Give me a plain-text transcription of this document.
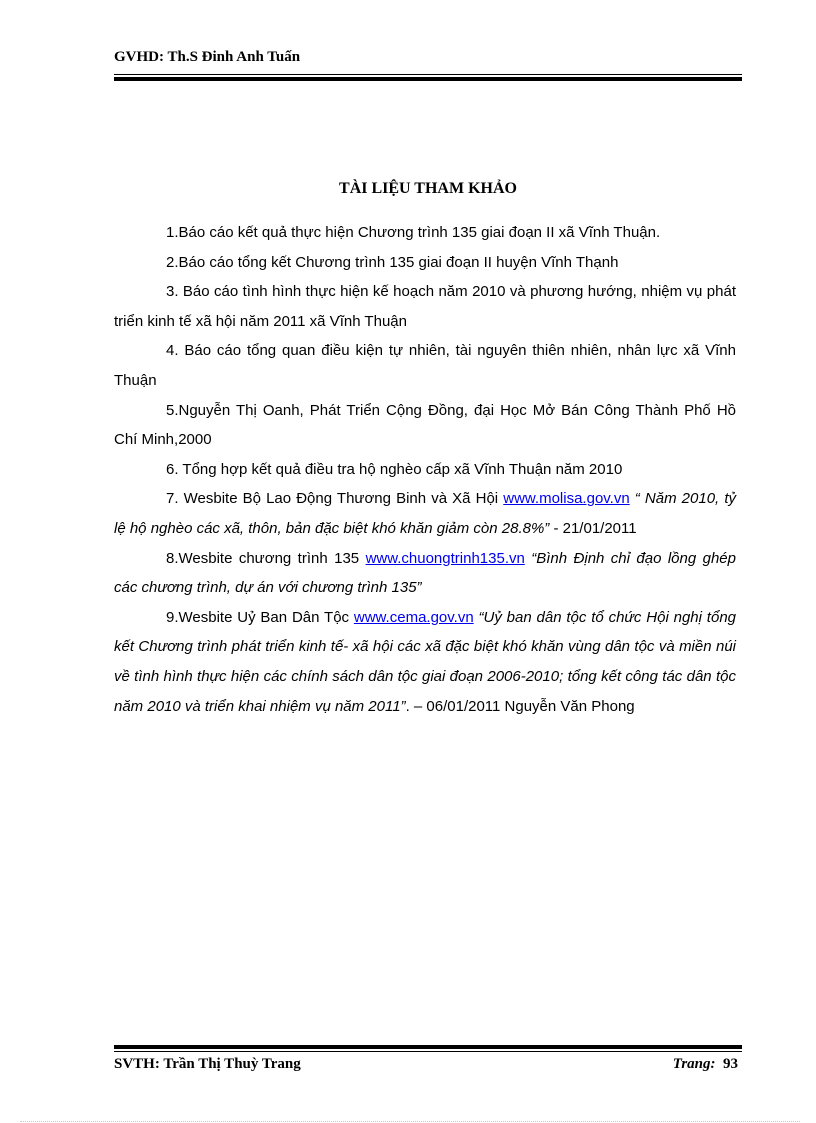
GVHD: Th.S Đinh Anh Tuấn
TÀI LIỆU THAM KHẢO

1.Báo cáo kết quả thực hiện Chương trình 135 giai đoạn II xã Vĩnh Thuận.

2.Báo cáo tổng kết Chương trình 135 giai đoạn II huyện Vĩnh Thạnh

3. Báo cáo tình hình thực hiện kế hoạch năm 2010 và phương hướng, nhiệm vụ phát triển kinh tế xã hội năm 2011 xã Vĩnh Thuận

4. Báo cáo tổng quan điều kiện tự nhiên, tài nguyên thiên nhiên, nhân lực xã Vĩnh Thuận

5.Nguyễn Thị Oanh, Phát Triển Cộng Đồng, đại Học Mở Bán Công Thành Phố Hồ Chí Minh,2000

6. Tổng hợp kết quả điều tra hộ nghèo cấp xã Vĩnh Thuận năm 2010

7. Wesbite Bộ Lao Động Thương Binh và Xã Hội www.molisa.gov.vn “ Năm 2010, tỷ lệ hộ nghèo các xã, thôn, bản đặc biệt khó khăn giảm còn 28.8%” - 21/01/2011

8.Wesbite chương trình 135 www.chuongtrinh135.vn “Bình Định chỉ đạo lồng ghép các chương trình, dự án với chương trình 135”

9.Wesbite Uỷ Ban Dân Tộc www.cema.gov.vn “Uỷ ban dân tộc tổ chức Hội nghị tổng kết Chương trình phát triển kinh tế- xã hội các xã đặc biệt khó khăn vùng dân tộc và miền núi về tình hình thực hiện các chính sách dân tộc giai đoạn 2006-2010; tổng kết công tác dân tộc năm 2010 và triển khai nhiệm vụ năm 2011”. – 06/01/2011 Nguyễn Văn Phong

SVTH: Trần Thị Thuỳ Trang	Trang: 93
